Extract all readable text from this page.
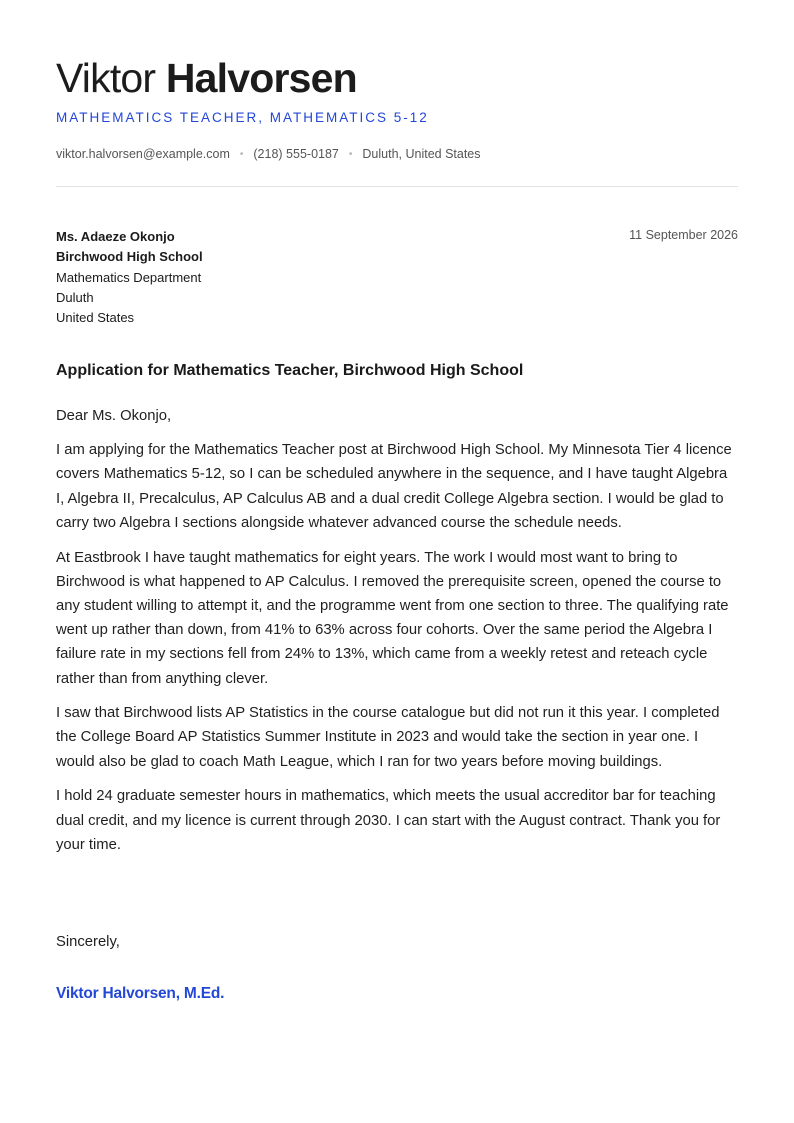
Viktor Halvorsen
MATHEMATICS TEACHER, MATHEMATICS 5-12
viktor.halvorsen@example.com • (218) 555-0187 • Duluth, United States
Ms. Adaeze Okonjo
Birchwood High School
Mathematics Department
Duluth
United States
11 September 2026
Application for Mathematics Teacher, Birchwood High School

Dear Ms. Okonjo,

I am applying for the Mathematics Teacher post at Birchwood High School. My Minnesota Tier 4 licence covers Mathematics 5-12, so I can be scheduled anywhere in the sequence, and I have taught Algebra I, Algebra II, Precalculus, AP Calculus AB and a dual credit College Algebra section. I would be glad to carry two Algebra I sections alongside whatever advanced course the schedule needs.

At Eastbrook I have taught mathematics for eight years. The work I would most want to bring to Birchwood is what happened to AP Calculus. I removed the prerequisite screen, opened the course to any student willing to attempt it, and the programme went from one section to three. The qualifying rate went up rather than down, from 41% to 63% across four cohorts. Over the same period the Algebra I failure rate in my sections fell from 24% to 13%, which came from a weekly retest and reteach cycle rather than from anything clever.

I saw that Birchwood lists AP Statistics in the course catalogue but did not run it this year. I completed the College Board AP Statistics Summer Institute in 2023 and would take the section in year one. I would also be glad to coach Math League, which I ran for two years before moving buildings.

I hold 24 graduate semester hours in mathematics, which meets the usual accreditor bar for teaching dual credit, and my licence is current through 2030. I can start with the August contract. Thank you for your time.

Sincerely,
Viktor Halvorsen, M.Ed.
